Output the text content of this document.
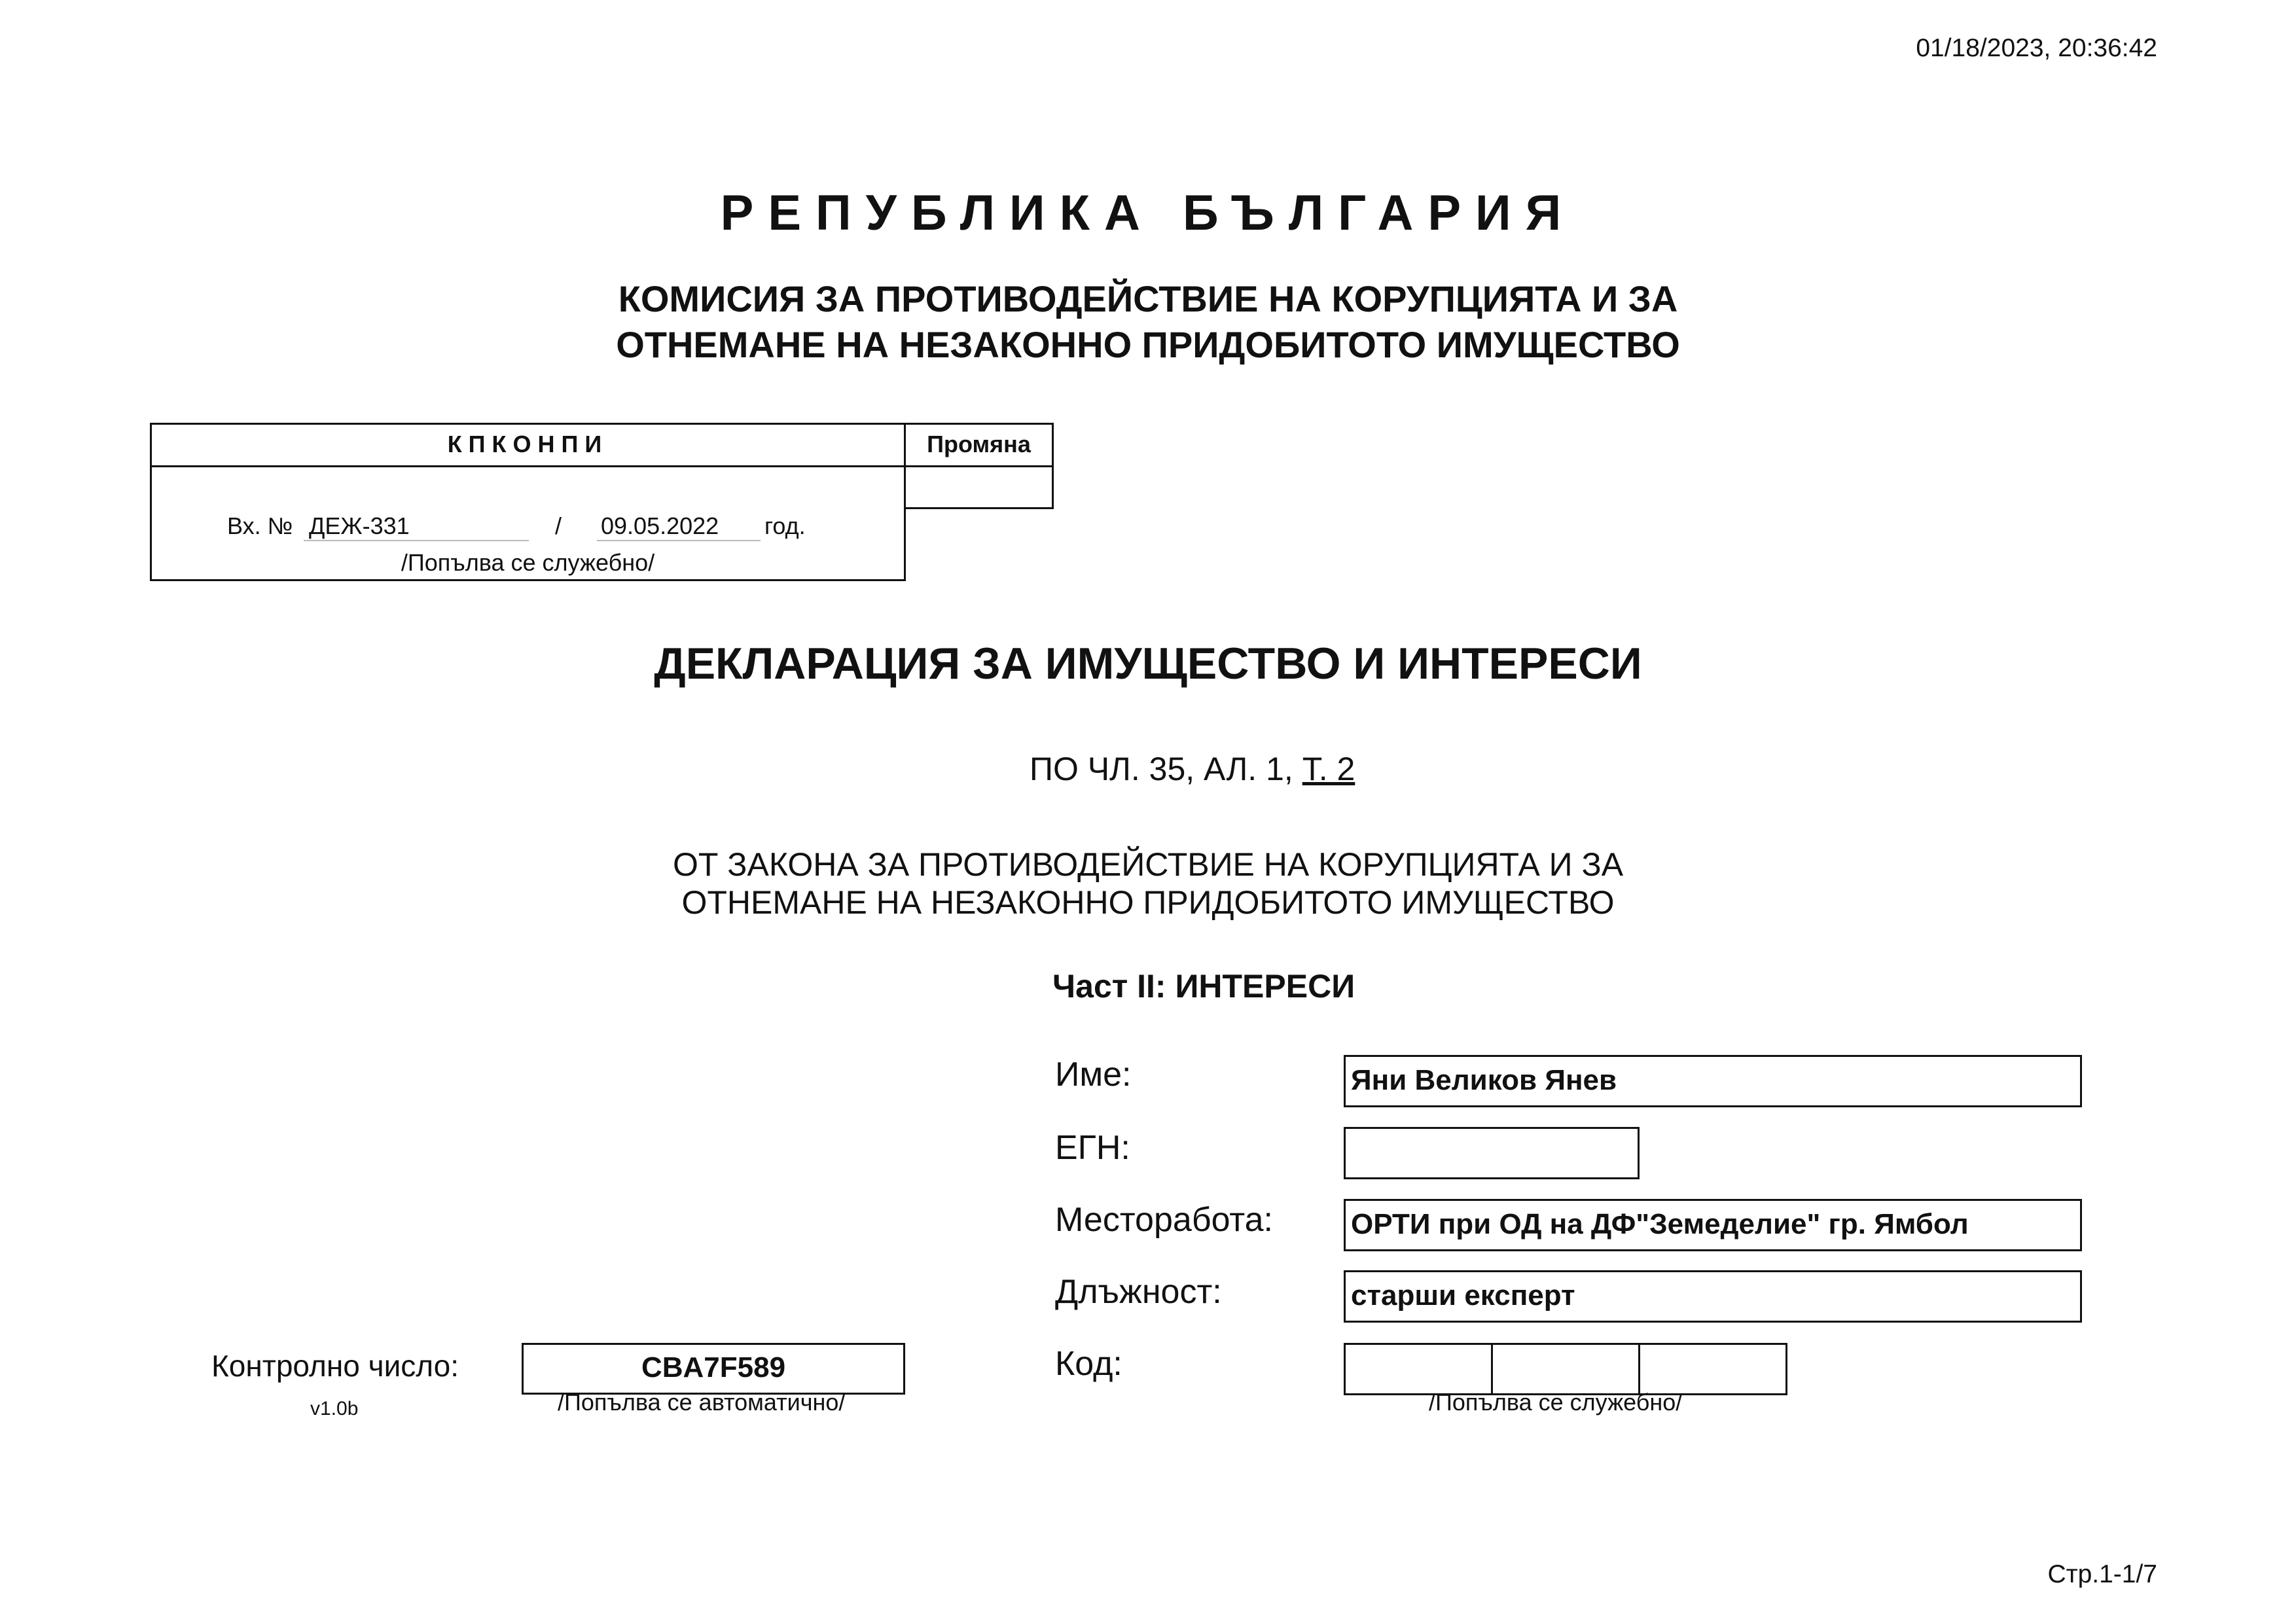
01/18/2023, 20:36:42
РЕПУБЛИКА БЪЛГАРИЯ
КОМИСИЯ ЗА ПРОТИВОДЕЙСТВИЕ НА КОРУПЦИЯТА И ЗА
ОТНЕМАНЕ НА НЕЗАКОННО ПРИДОБИТОТО ИМУЩЕСТВО
КПКОНПИ
Вх. № ДЕЖ-331	/ 09.05.2022	год.
/Попълва се служебно/
Промяна
ДЕКЛАРАЦИЯ ЗА ИМУЩЕСТВО И ИНТЕРЕСИ
ПО ЧЛ. 35, АЛ. 1, Т. 2
ОТ ЗАКОНА ЗА ПРОТИВОДЕЙСТВИЕ НА КОРУПЦИЯТА И ЗА
ОТНЕМАНЕ НА НЕЗАКОННО ПРИДОБИТОТО ИМУЩЕСТВО
Част II: ИНТЕРЕСИ
Име:	Яни Великов Янев
ЕГН:
Месторабота:	ОРТИ при ОД на ДФ"Земеделие" гр. Ямбол
Длъжност:	старши експерт
Код:
/Попълва се служебно/
Контролно число:	CBA7F589
/Попълва се автоматично/
v1.0b
Стр.1-1/7
